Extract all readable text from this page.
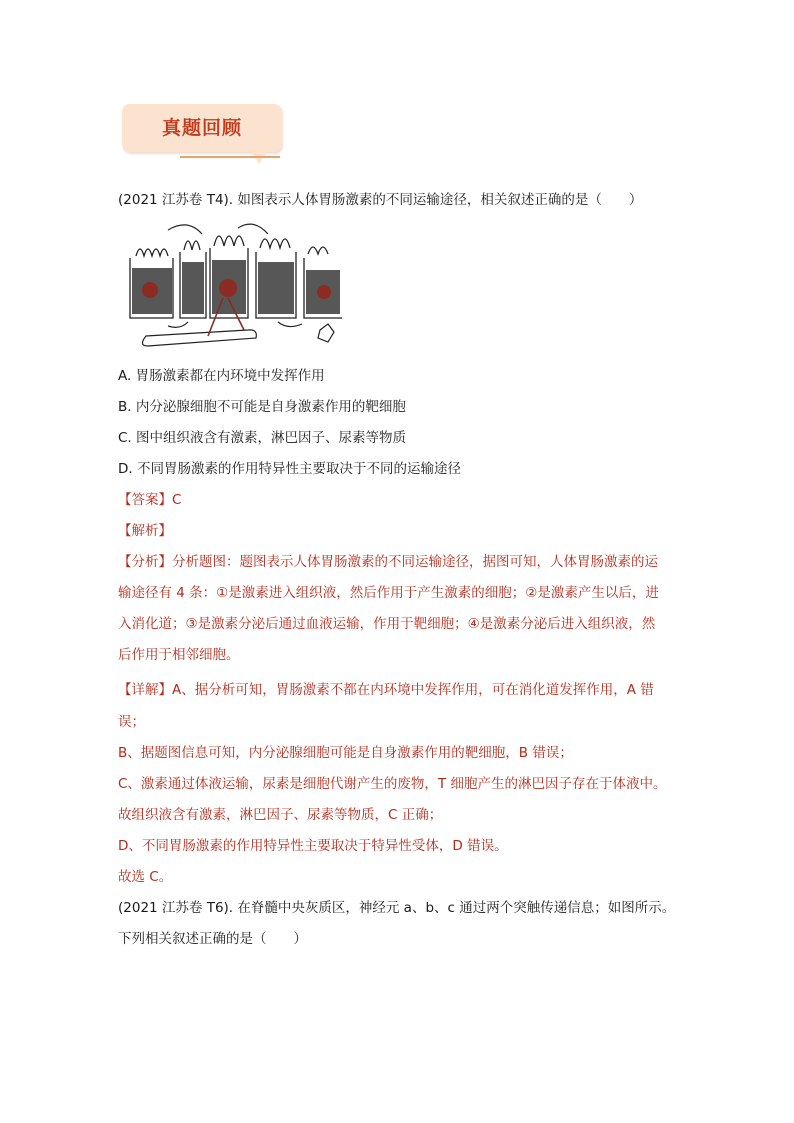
真题回顾
(2021 江苏卷 T4). 如图表示人体胃肠激素的不同运输途径，相关叙述正确的是（　　）
A. 胃肠激素都在内环境中发挥作用
B. 内分泌腺细胞不可能是自身激素作用的靶细胞
C. 图中组织液含有激素，淋巴因子、尿素等物质
D. 不同胃肠激素的作用特异性主要取决于不同的运输途径
【答案】C
【解析】
【分析】分析题图：题图表示人体胃肠激素的不同运输途径，据图可知，人体胃肠激素的运
输途径有 4 条：①是激素进入组织液，然后作用于产生激素的细胞；②是激素产生以后，进
入消化道；③是激素分泌后通过血液运输，作用于靶细胞；④是激素分泌后进入组织液，然
后作用于相邻细胞。
【详解】A、据分析可知，胃肠激素不都在内环境中发挥作用，可在消化道发挥作用，A 错
误；
B、据题图信息可知，内分泌腺细胞可能是自身激素作用的靶细胞，B 错误；
C、激素通过体液运输，尿素是细胞代谢产生的废物，T 细胞产生的淋巴因子存在于体液中。
故组织液含有激素，淋巴因子、尿素等物质，C 正确；
D、不同胃肠激素的作用特异性主要取决于特异性受体，D 错误。
故选 C。
(2021 江苏卷 T6). 在脊髓中央灰质区，神经元 a、b、c 通过两个突触传递信息；如图所示。
下列相关叙述正确的是（　　）
